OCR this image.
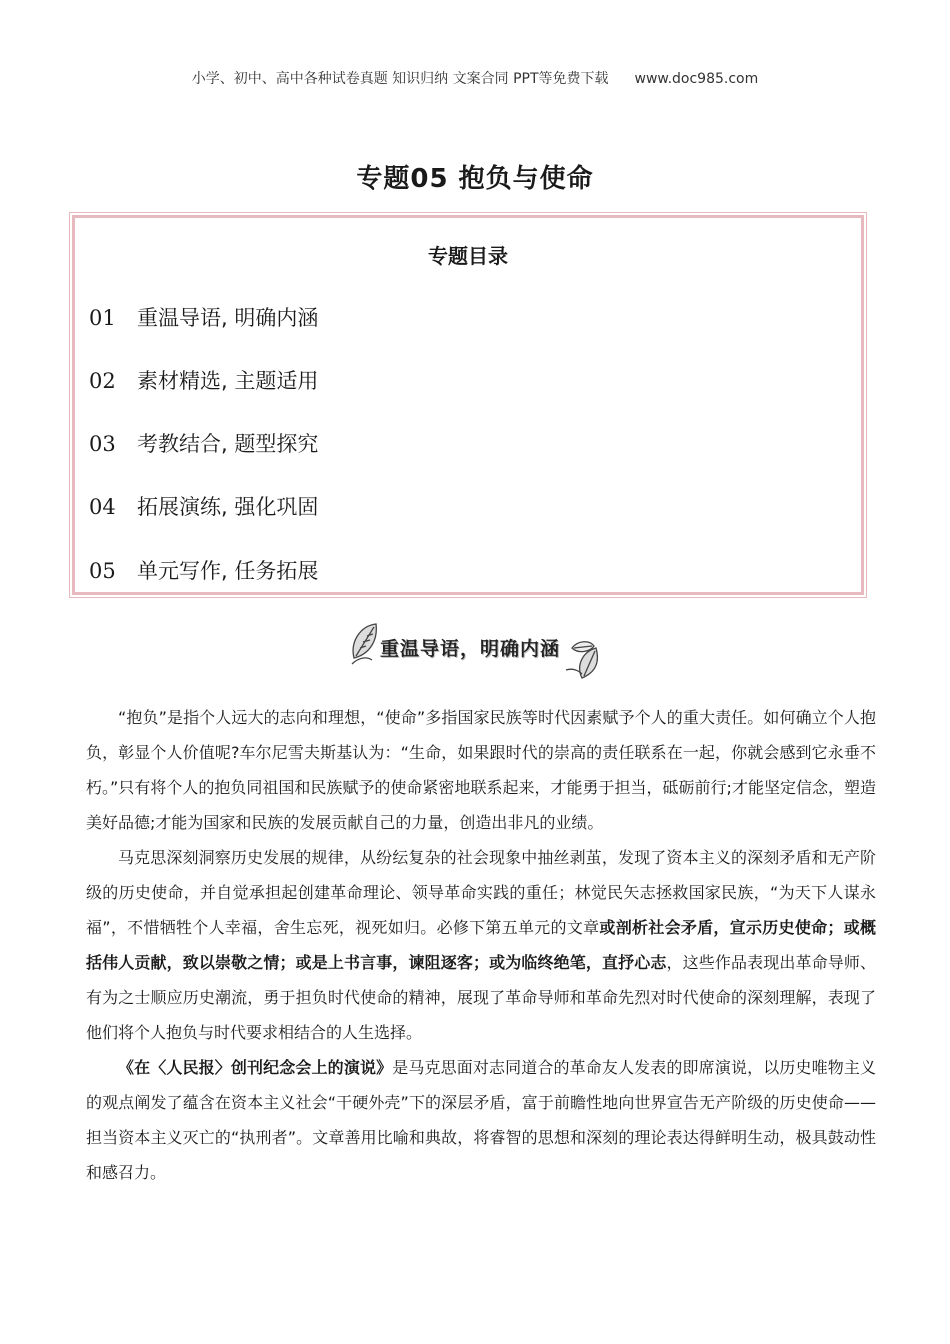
小学、初中、高中各种试卷真题 知识归纳 文案合同 PPT等免费下载 www.doc985.com
专题05 抱负与使命
专题目录
01 重温导语, 明确内涵
02 素材精选, 主题适用
03 考教结合, 题型探究
04 拓展演练, 强化巩固
05 单元写作, 任务拓展
重温导语，明确内涵

“抱负”是指个人远大的志向和理想，“使命”多指国家民族等时代因素赋予个人的重大责任。如何确立个人抱负，彰显个人价值呢?车尔尼雪夫斯基认为：“生命，如果跟时代的崇高的责任联系在一起，你就会感到它永垂不朽。”只有将个人的抱负同祖国和民族赋予的使命紧密地联系起来，才能勇于担当，砥砺前行;才能坚定信念，塑造美好品德;才能为国家和民族的发展贡献自己的力量，创造出非凡的业绩。

马克思深刻洞察历史发展的规律，从纷纭复杂的社会现象中抽丝剥茧，发现了资本主义的深刻矛盾和无产阶级的历史使命，并自觉承担起创建革命理论、领导革命实践的重任；林觉民矢志拯救国家民族，“为天下人谋永福”，不惜牺牲个人幸福，舍生忘死，视死如归。必修下第五单元的文章或剖析社会矛盾，宣示历史使命；或概括伟人贡献，致以崇敬之情；或是上书言事，谏阻逐客；或为临终绝笔，直抒心志，这些作品表现出革命导师、有为之士顺应历史潮流，勇于担负时代使命的精神，展现了革命导师和革命先烈对时代使命的深刻理解，表现了他们将个人抱负与时代要求相结合的人生选择。

《在〈人民报〉创刊纪念会上的演说》是马克思面对志同道合的革命友人发表的即席演说，以历史唯物主义的观点阐发了蕴含在资本主义社会“干硬外壳”下的深层矛盾，富于前瞻性地向世界宣告无产阶级的历史使命——担当资本主义灭亡的“执刑者”。文章善用比喻和典故，将睿智的思想和深刻的理论表达得鲜明生动，极具鼓动性和感召力。
